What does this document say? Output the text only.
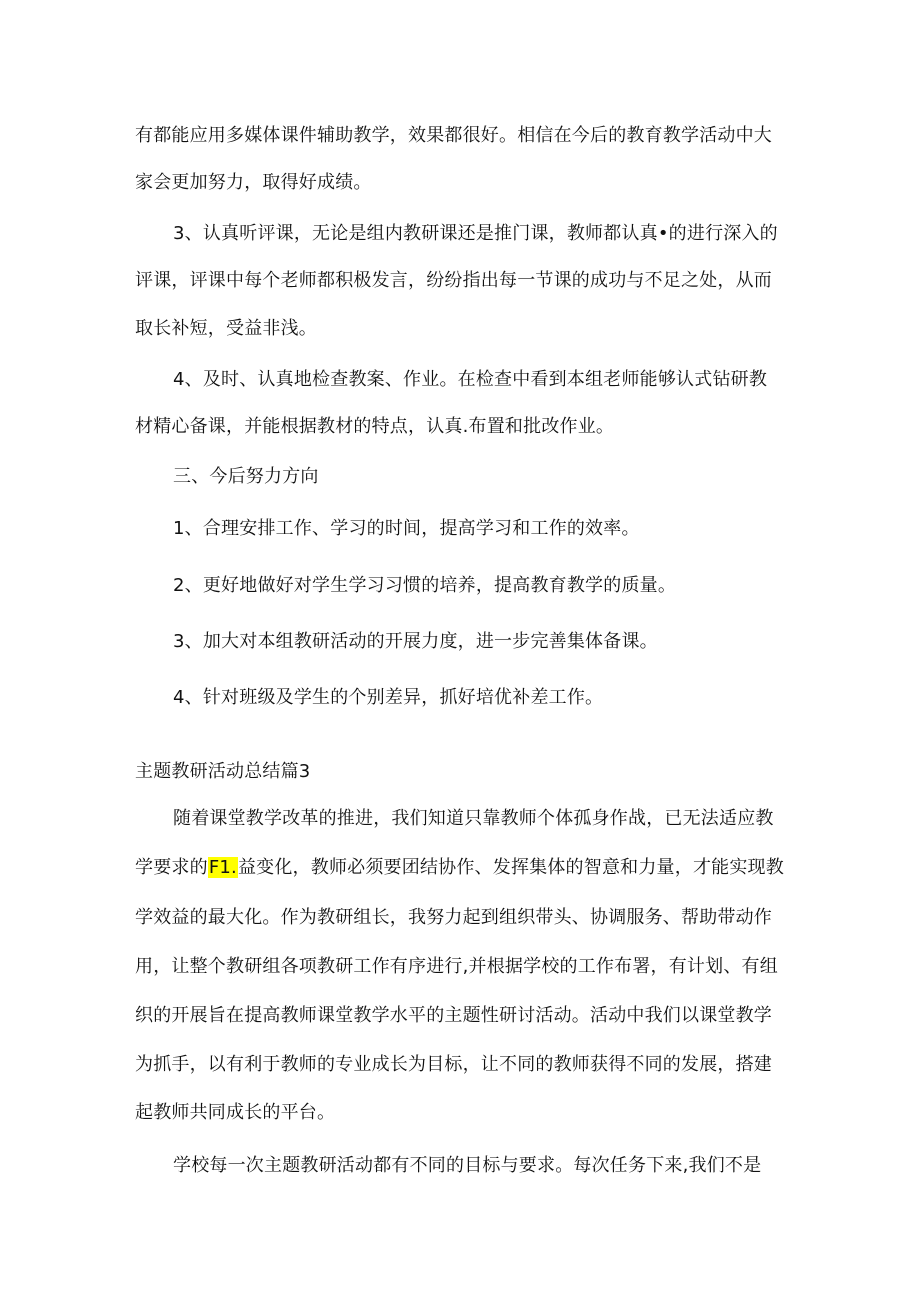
有都能应用多媒体课件辅助教学，效果都很好。相信在今后的教育教学活动中大
家会更加努力，取得好成绩。
3、认真听评课，无论是组内教研课还是推门课，教师都认真•的进行深入的
评课，评课中每个老师都积极发言，纷纷指出每一节课的成功与不足之处，从而
取长补短，受益非浅。
4、及时、认真地检查教案、作业。在检查中看到本组老师能够认式钻研教
材精心备课，并能根据教材的特点，认真.布置和批改作业。
三、今后努力方向
1、合理安排工作、学习的时间，提高学习和工作的效率。
2、更好地做好对学生学习习惯的培养，提高教育教学的质量。
3、加大对本组教研活动的开展力度，进一步完善集体备课。
4、针对班级及学生的个别差异，抓好培优补差工作。
主题教研活动总结篇3
随着课堂教学改革的推进，我们知道只靠教师个体孤身作战，已无法适应教
学要求的F1.益变化，教师必须要团结协作、发挥集体的智意和力量，才能实现教
学效益的最大化。作为教研组长，我努力起到组织带头、协调服务、帮助带动作
用，让整个教研组各项教研工作有序进行,并根据学校的工作布署，有计划、有组
织的开展旨在提高教师课堂教学水平的主题性研讨活动。活动中我们以课堂教学
为抓手，以有利于教师的专业成长为目标，让不同的教师获得不同的发展，搭建
起教师共同成长的平台。
学校每一次主题教研活动都有不同的目标与要求。每次任务下来,我们不是
